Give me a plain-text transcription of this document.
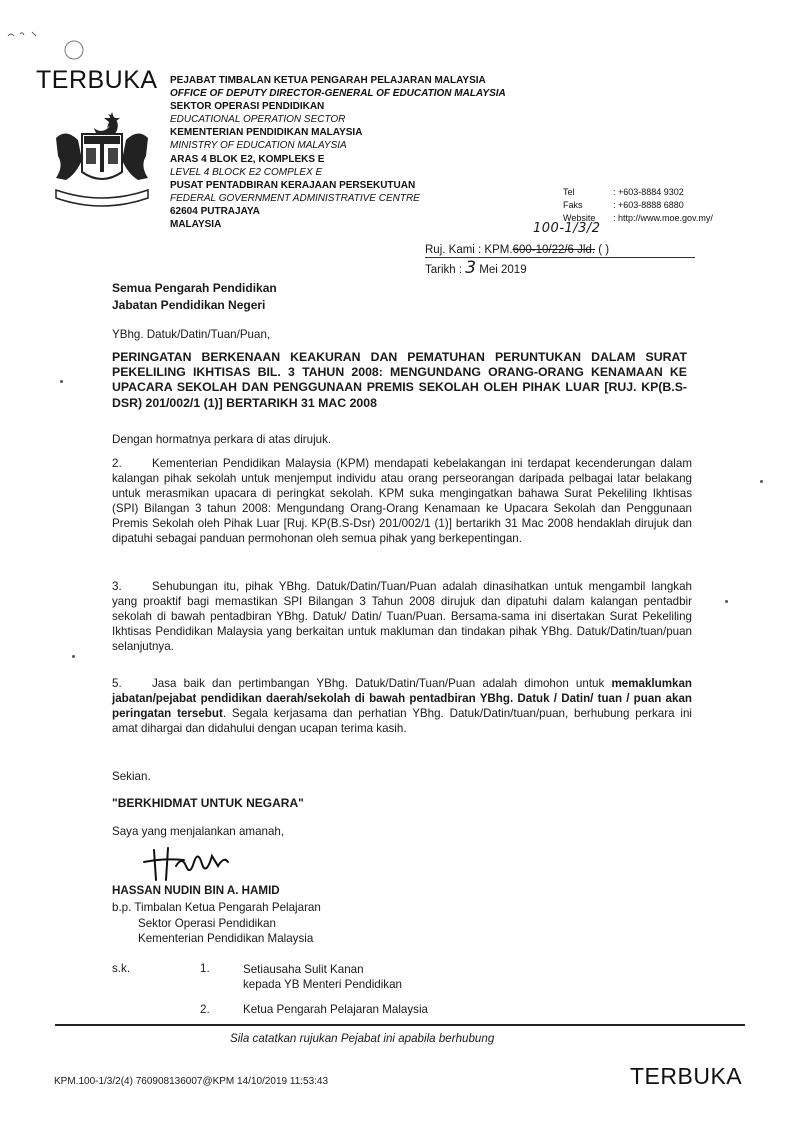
TERBUKA PEJABAT TIMBALAN KETUA PENGARAH PELAJARAN MALAYSIA
OFFICE OF DEPUTY DIRECTOR-GENERAL OF EDUCATION MALAYSIA
SEKTOR OPERASI PENDIDIKAN
EDUCATIONAL OPERATION SECTOR
KEMENTERIAN PENDIDIKAN MALAYSIA
MINISTRY OF EDUCATION MALAYSIA
ARAS 4 BLOK E2, KOMPLEKS E
LEVEL 4 BLOCK E2 COMPLEX E
PUSAT PENTADBIRAN KERAJAAN PERSEKUTUAN
FEDERAL GOVERNMENT ADMINISTRATIVE CENTRE
62604 PUTRAJAYA
MALAYSIA
Tel	: +603-8884 9302
Faks	: +603-8888 6880
Website : http://www.moe.gov.my/
100-1/3/2
Ruj. Kami : KPM.600-10/22/6 Jld. ( )
Tarikh : 3 Mei 2019
Semua Pengarah Pendidikan
Jabatan Pendidikan Negeri
YBhg. Datuk/Datin/Tuan/Puan,
PERINGATAN BERKENAAN KEAKURAN DAN PEMATUHAN PERUNTUKAN DALAM SURAT PEKELILING IKHTISAS BIL. 3 TAHUN 2008: MENGUNDANG ORANG-ORANG KENAMAAN KE UPACARA SEKOLAH DAN PENGGUNAAN PREMIS SEKOLAH OLEH PIHAK LUAR [RUJ. KP(B.S-DSR) 201/002/1 (1)] BERTARIKH 31 MAC 2008
Dengan hormatnya perkara di atas dirujuk.
2.	Kementerian Pendidikan Malaysia (KPM) mendapati kebelakangan ini terdapat kecenderungan dalam kalangan pihak sekolah untuk menjemput individu atau orang perseorangan daripada pelbagai latar belakang untuk merasmikan upacara di peringkat sekolah. KPM suka mengingatkan bahawa Surat Pekeliling Ikhtisas (SPI) Bilangan 3 tahun 2008: Mengundang Orang-Orang Kenamaan ke Upacara Sekolah dan Penggunaan Premis Sekolah oleh Pihak Luar [Ruj. KP(B.S-Dsr) 201/002/1 (1)] bertarikh 31 Mac 2008 hendaklah dirujuk dan dipatuhi sebagai panduan permohonan oleh semua pihak yang berkepentingan.
3.	Sehubungan itu, pihak YBhg. Datuk/Datin/Tuan/Puan adalah dinasihatkan untuk mengambil langkah yang proaktif bagi memastikan SPI Bilangan 3 Tahun 2008 dirujuk dan dipatuhi dalam kalangan pentadbir sekolah di bawah pentadbiran YBhg. Datuk/ Datin/ Tuan/Puan. Bersama-sama ini disertakan Surat Pekeliling Ikhtisas Pendidikan Malaysia yang berkaitan untuk makluman dan tindakan pihak YBhg. Datuk/Datin/tuan/puan selanjutnya.
5.	Jasa baik dan pertimbangan YBhg. Datuk/Datin/Tuan/Puan adalah dimohon untuk memaklumkan jabatan/pejabat pendidikan daerah/sekolah di bawah pentadbiran YBhg. Datuk / Datin/ tuan / puan akan peringatan tersebut. Segala kerjasama dan perhatian YBhg. Datuk/Datin/tuan/puan, berhubung perkara ini amat dihargai dan didahului dengan ucapan terima kasih.
Sekian.
"BERKHIDMAT UNTUK NEGARA"
Saya yang menjalankan amanah,
HASSAN NUDIN BIN A. HAMID
b.p. Timbalan Ketua Pengarah Pelajaran
Sektor Operasi Pendidikan
Kementerian Pendidikan Malaysia
s.k.	1.	Setiausaha Sulit Kanan
kepada YB Menteri Pendidikan
2.	Ketua Pengarah Pelajaran Malaysia
Sila catatkan rujukan Pejabat ini apabila berhubung
KPM.100-1/3/2(4) 760908136007@KPM 14/10/2019 11:53:43	TERBUKA
